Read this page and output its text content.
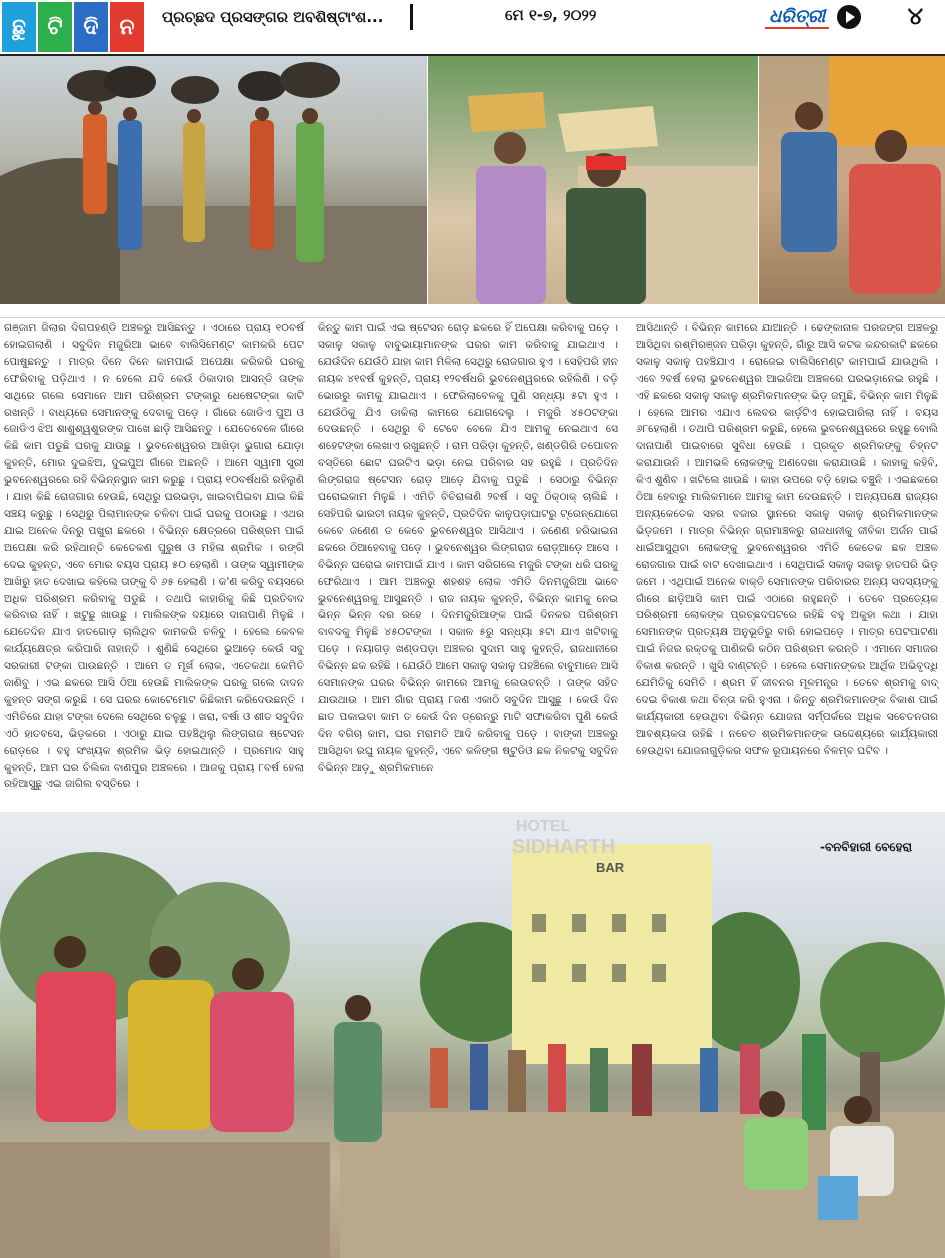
ଛୁ ଟି ଦି ନ	ପ୍ରଚ୍ଛଦ ପ୍ରସଙ୍ଗର ଅବଶିଷ୍ଟାଂଶ...	ମେ ୧-୭, ୨୦୨୨	ଧରିତ୍ରୀ	୪
ଗଞ୍ଜାମ ଜିଲାର ଦିଗପହଣ୍ଡି ଅଞ୍ଚଳରୁ ଆସିଛନ୍ତୁ । ଏଠାରେ ପ୍ରାୟ ୧୦ବର୍ଷ ହୋଇଗଲାଣି । ସବୁଦିନ ମଜୁରିଆ ଭାବେ ବାଲିସିମେଣ୍ଟ କାମକରି ପେଟ ପୋଷୁଛନ୍ତୁ । ମାତ୍ର ଦିନେ ଦିନେ କାମପାଇଁ ଅପେକ୍ଷା କରିକରି ଘରକୁ ଫେରିବାକୁ ପଡ଼ିଥାଏ । ନ ହେଲେ ଯଦି କେଉଁ ଠିକାଦାର ଆସନ୍ତି ତାଙ୍କ ସାଥିରେ ଗଲେ ସେମାନେ ଆମ ପରିଶ୍ରମ ଟଙ୍କାରୁ ଧେଷେଟଙ୍କା କାଟି ରଖନ୍ତି । ବାଧ୍ୟରେ ସେମାନଙ୍କୁ ଦେବାକୁ ପଡ଼େ । ଗାଁରେ ଜୋଡିଏ ପୁଅ ଓ ଜୋଡିଏ ଝିଅ ଶାଶୁଶ୍ୱଶୁରଙ୍କ ପାଖେ ଛାଡ଼ି ଆସିଛନ୍ତୁ । ଯେତେବେଳେ ଗାଁରେ କିଛି କାମ ପଡୁଛି ଘରକୁ ଯାଉଛୁ । ଭୁବନେଶ୍ୱରର ଆଖିଡ଼ା ଭୁଗାରା ଯୋଡ଼ା କୁହନ୍ତି, ମୋର ଦୁଇଝିଅ, ଦୁଇପୁଅ ଗାଁରେ ଅଛନ୍ତି । ଆମେ ସ୍ୱାମୀ ସ୍ତ୍ରୀ ଭୁବନେଶ୍ୱରରେ ରହି ବିଭିନ୍ନସ୍ଥାନ କାମ କରୁଛୁ । ପ୍ରାୟ ୧୦ବର୍ଷଧରି ରହିଲୁଣି । ଯାହା କିଛି ରୋଜଗାର ହେଉଛି, ସେଥିରୁ ଘରଭଡ଼ା, ଖାଇବାପିଇବା ଯାଇ କିଛି ସଞ୍ଚୟ କରୁଛୁ । ସେଥିରୁ ପିଲାମାନଙ୍କ ଚଳିବା ପାଇଁ ଘରକୁ ପଠାଉଛୁ । ଏଥର ଯାଇ ଅନେକ ଦିନରୁ ପଖୁରା ଛକରେ । ବିଭିନ୍ନ କ୍ଷେତ୍ରରେ ପରିଶ୍ରମ ପାଇଁ ଅପେକ୍ଷା କରି ରହିଥାନ୍ତି କେତେକଣ ପୁରୁଷ ଓ ମହିଳା ଶ୍ରମିକ । ରଙ୍ଗି ଦେଇ କୁହନ୍ତ, ଏବେ ମୋର ବୟସ ପ୍ରାୟ ୫୦ ହେଲାଣି । ତାଙ୍କ ସ୍ୱାମୀଙ୍କ ଆଖିରୁ ହାତ ଦେଖାଇ କହିଲେ ତାଙ୍କୁ ବି ୬୫ ହେଲାଣି । କ'ଣ କରିବୁ ବୟସରେ ଅଧିକ ପରିଶ୍ରମ କରିବାକୁ ପଡୁଛି । ତଥାପି କାହାରିକୁ କିଛି ପ୍ରତିବାଦ କରିବାର ନାହିଁ । ଖଟୁଛୁ ଖାଉଛୁ । ମାଲିକଙ୍କ ଦୟାରେ ଦାନାପାଣି ମିଳୁଛି । ଯେତେଦିନ ଯାଏ ହାତଗୋଡ଼ ଚାଲିଥିବ କାମକରି ଚଳିବୁ । ହେଲେ କେବଳ କାର୍ଯ୍ୟକ୍ଷେତ୍ର କରିପାରି ନାହାନ୍ତି । ଶୁଣିଛି ସେଥିରେ ଭୁଆଡ଼େ କେଉଁ ସବୁ ସରକାରୀ ଟଙ୍କା ପାଉଛନ୍ତି । ଆମେ ତ ମୂର୍ଖ ଲୋକ, ଏତେକଥା କେମିତି ଜାଣିବୁ । ଏଇ ଛକରେ ଆସି ଠିଆ ହେଉଛି ମାଲିକଙ୍କ ଘରକୁ ଗଲେ ଦାଦନ କୁହନ୍ତ ସଙ୍ଗ କରୁଛି । ସେ ଘରର କୋଟେମୋଟ କିଛିକାମ କରିଦେଉଛନ୍ତି । ଏମିତିରେ ଯାହା ଟଙ୍କା ଦେଲେ ସେଥିରେ ଚଳୁଛୁ । ଖରା, ବର୍ଷା ଓ ଶୀତ ସବୁଦିନ ଏଠି ହାତବସେ, ଭିଡ଼କରେ । ଏଠାରୁ ଯାଇ ପହଞ୍ଚିଥିଲୁ ଲିଙ୍ଗରାଜ ଷ୍ଟେସନ ରୋଡ଼ରେ । ବହୁ ସଂଖ୍ୟକ ଶ୍ରମିକ ଭିଡ଼ ହୋଇଥାନ୍ତି । ପ୍ରମୋଦ ସାହୁ କୁହନ୍ତି, ଆମ ଘର ଚିଲିକା ବାଣପୁର ଅଞ୍ଚଳରେ । ଆଜକୁ ପ୍ରାୟ ୮ବର୍ଷ ହେଲା ରହିଆସୁଛୁ ଏଇ ଜାଗିଲ ବସ୍ତିରେ ।
କିନ୍ତୁ କାମ ପାଇଁ ଏଇ ଷ୍ଟେସନ ରୋଡ଼ ଛକରେ ହିଁ ଅପେକ୍ଷା କରିବାକୁ ପଡ଼େ । ସକାଳୁ ସକାଳୁ ବାବୁଭାୟାମାନଙ୍କ ଘରର କାମ କରିବାକୁ ଯାଇଥାଏ । ଯେଉଁଦିନ ଯେଉଁଠି ଯାହା କାମ ମିଳିଲା ସେଥିରୁ ରୋଜଗାର ହୁଏ । ସେହିପରି ହୀନ ନାୟକ ୪୧ବର୍ଷ କୁହନ୍ତି, ପ୍ରାୟ ୧୨ବର୍ଷଧରି ଭୁବନେଶ୍ୱରରେ ରହିଲିଣି । ବଡ଼ି ଭୋରରୁ କାମକୁ ଯାଇଥାଏ । ଫେରିଲାବେଳକୁ ପୁଣି ସନ୍ଧ୍ୟା ୫ଟା ହୁଏ । ଯେଉଁଠିକୁ ଯିଏ ଡାକିଲା କାମରେ ଯୋଗଦେଲୁ । ମଜୁରି ୪୫୦ଟଙ୍କା ଦେଉଛନ୍ତି । ସେଥିରୁ ବି ଟେବେ ବେଳେ ଯିଏ ଆମକୁ ନେଇଥାଏ ସେ ଶହେଟଙ୍କା ଲେଖାଏ ରଖୁଛନ୍ତି । ରାମ ପରିଡ଼ା କୁହନ୍ତି, ଖଣ୍ଡଗିରି ତପୋବନ ବସ୍ତିରେ ଛୋଟ ଘରଟିଏ ଭଡ଼ା ନେଇ ପରିବାର ସହ ରହୁଛି । ପ୍ରତିଦିନ ଲିଙ୍ଗରାଜ ଷ୍ଟେସନ ରୋଡ଼ ଆଡ଼େ ଯିବାକୁ ପଡୁଛି । ସେଠାରୁ ବିଭିନ୍ନ ଘରୋଇକାମ ମିଳୁଛି । ଏମିତି ବିଚିରାଳାଣି ୨ବର୍ଷ । ସବୁ ଠିକ୍‌ଠାକ୍ ଚାଲିଛି । ସେହିପରି ଭାରତୀ ନାୟକ କୁହନ୍ତି, ପ୍ରତିଦିନ କାଳୁପଡ଼ାଘାଟରୁ ଟ୍ରେନ୍‌ଯୋଗେ କେବେ ଜଣେଣ ତ କେବେ ଭୁବନେଶ୍ୱର ଆସିଥାଏ । ଜଣେଣ ହରିଭାଇନା ଛକରେ ଠିଆହେବାକୁ ପଡ଼େ । ଭୁବନେଶ୍ୱର ଲିଙ୍ଗରାଜ ରୋଡ଼୍‌ଆଡ଼େ ଆସେ । ବିଭିନ୍ନ ଘରୋଇ କାମପାଇଁ ଯାଏ । କାମ ସରିଗଲେ ମଜୁରି ଟଙ୍କା ଧରି ଘରକୁ ଫେରିଥାଏ । ଆମ ଅଞ୍ଚଳରୁ ଶହଶହ ଲୋକ ଏମିତି ଦିନମଜୁରିଆ ଭାବେ ଭୁବନେଶ୍ୱରକୁ ଆସୁଛନ୍ତି । ରାଜ ନାୟକ କୁହନ୍ତି, ବିଭିନ୍ନ କାମକୁ ନେଇ ଭିନ୍ନ ଭିନ୍ନ ଦର ରହେ । ଦିନମଜୁରିଆଙ୍କ ପାଇଁ ଦିନକର ପରିଶ୍ରମ ବାବଦକୁ ମିଳୁଛି ୪୫୦ଟଙ୍କା । ସକାଳ ୫ରୁ ସନ୍ଧ୍ୟା ୫ଟା ଯାଏ ଖଟିବାକୁ ପଡ଼େ । ନୟାଗଡ଼ ଖଣ୍ଡପଡ଼ା ଅଞ୍ଚଳର ସୁଦାମ ସାହୁ କୁହନ୍ତି, ରାଜଧାନୀରେ ବିଭିନ୍ନ ଛକ ରହିଛି । ଯେଉଁଠି ଆମେ ସକାଳୁ ସକାଳୁ ପହଞ୍ଚିଲେ ବାବୁମାନେ ଆସି ସେମାନଙ୍କ ଘରର ବିଭିନ୍ନ କାମରେ ଆମକୁ ଲେଉଚନ୍ତି । ତାଙ୍କ ସହିତ ଯାଉଥାଉ । ଆମ ଗାଁର ପ୍ରାୟ ୮ଜଣ ଏକାଠି ସବୁଦିନ ଆସୁଛୁ । କେଉଁ ଦିନ ଛାତ ପକାଇବା କାମ ତ କେଉଁ ଦିନ ଡ୍ରେନ୍‌ରୁ ମାଟି ସଫାକରିବା ପୁଣି କେଉଁ ଦିନ ବଗିଚା କାମ, ଘର ମରାମତି ଆଦି କରିବାକୁ ପଡ଼େ । ବାଙ୍କୀ ଅଞ୍ଚଳରୁ ଆସିଥିବା ରଘୁ ନାୟକ କୁହନ୍ତି, ଏବେ କଳିଙ୍ଗ ଷ୍ଟୁଡିଓ ଛକ ନିକଟକୁ ସବୁଦିନ ବିଭିନ୍ନ ଆଡ଼ୁ ଶ୍ରମିକମାନେ
ଆସିଥାନ୍ତି । ବିଭିନ୍ନ କାମରେ ଯାଆନ୍ତି । ଢେଙ୍କାନାଳ ପରଜଙ୍ଗ ଅଞ୍ଚଳରୁ ଆସିଥିବା ରଶ୍ମିରଞ୍ଜନ ପରିଡ଼ା କୁହନ୍ତି, ଗାଁରୁ ଆସି କଟକ କନ୍ଦରକାଟି ଛକରେ ସକାଳୁ ସକାଳୁ ପହଞ୍ଚିଯାଏ । ରୋଜେଇ ବାଲିସିମେଣ୍ଟ କାମପାଇଁ ଯାଉଥିଲି । ଏବେ ୨ବର୍ଷ ହେଲା ଭୁବନେଶ୍ୱର ଆଇଜିଆ ଅଞ୍ଚଳରେ ଘରଭଡ଼ାନେଇ ରହୁଛି । ଏହି ଛକରେ ସକାଳୁ ସକାଳୁ ଶ୍ରମିକମାନଙ୍କ ଭିଡ଼ ଜମୁଛି, ବିଭିନ୍ନ କାମ ମିଳୁଛି । ହେଲେ ଆମର ଏଯାଏ ଲେବର କାର୍ଡ଼ଟିଏ ହୋଇପାରିଲା ନାହିଁ । ବୟସ ୬୮ହେଲାଣି । ତଥାପି ପରିଶ୍ରମ କରୁଛି, ହେଲେ ଭୁବନେଶ୍ୱରରେ ରହୁଛୁ ବୋଲି ଦାନାପାଣି ପାଇବାରେ ସୁବିଧା ହେଉଛି । ପ୍ରକୃତ ଶ୍ରମିକଙ୍କୁ ଚିହ୍ନଟ କରାଯାଉନି । ଆମଭଳି ଲୋକଙ୍କୁ ଅଣଦେଖା କରାଯାଉଛି । କାହାକୁ କହିବି, କିଏ ଶୁଣିବ । ଖଟିଲେ ଖାଉଛି । କାହା ଉପରେ ବଡ଼ି ହୋଇ ବଞ୍ଚୁନି । ଏଇଛକରେ ଠିଆ ହେବାରୁ ମାଲିକମାନେ ଆମକୁ କାମ ଦେଉଛନ୍ତି । ଅନ୍ୟପକ୍ଷେ ରାଜ୍ୟର ଅନ୍ୟକେତେକ ସହର ବଜାର ସ୍ଥାନରେ ସକାଳୁ ସକାଳୁ ଶ୍ରମିକମାନଙ୍କ ଭିଡ଼ଜମେ । ମାତ୍ର ବିଭିନ୍ନ ଗ୍ରାମାଞ୍ଚଳରୁ ରାଜଧାନୀକୁ ଜୀବିକା ଅର୍ଜନ ପାଇଁ ଧାଇଁଆସୁଥିବା ଲୋକଙ୍କୁ ଭୁବନେଶ୍ୱରର ଏମିତି କେତେକ ଛକ ଅଞ୍ଚଳ ରୋଜଗାର ପାଇଁ ବାଟ ଦେଖାଇଥାଏ । ସେଥିପାଇଁ ସକାଳୁ ସକାଳୁ ହାତପରି ଭିଡ଼ ଜମେ । ଏଥିପାଇଁ ଅନେକ ବାକ୍ତି ସେମାନଙ୍କ ପରିବାରର ଅନ୍ୟ ସଦସ୍ୟଙ୍କୁ ଗାଁରେ ଛାଡ଼ିଆସି କାମ ପାଇଁ ଏଠାରେ ରହୁଛନ୍ତି । ତେବେ ପ୍ରତ୍ୟେକ ପରିଶ୍ରମୀ ଲୋକଙ୍କ ପ୍ରଚ୍ଛଦପଟରେ ରହିଛି ବହୁ ଅକୁହା କଥା । ଯାହା ସେମାନଙ୍କ ପ୍ରତ୍ୟକ୍ଷ ଅନୁଭୂତିରୁ ବାରି ହୋଇପଡ଼େ । ମାତ୍ର ପେଟପାଟଣା ପାଇଁ ନିଜର ରକ୍ତକୁ ପାଣିକରି କଠିନ ପରିଶ୍ରମ କରନ୍ତି । ଏମାନେ ସମାଜର ବିକାଶ କରନ୍ତି । ଖୁସି ବାଣ୍ଟନ୍ତି । ହେଲେ ସେମାନଙ୍କର ଆର୍ଥିକ ଅଭିବୃଦ୍ଧି ଯେମିତିକୁ ସେମିତି । ଶ୍ରମ ହିଁ ଜୀବନର ମୂଳମନ୍ତ୍ର । ତେବେ ଶ୍ରମକୁ ବାଦ୍ ଦେଇ ବିକାଶ କଥା ଚିନ୍ତା କରି ହୁଏନା । କିନ୍ତୁ ଶ୍ରମିକମାନଙ୍କ ବିକାଶ ପାଇଁ କାର୍ଯ୍ୟକାରୀ ହେଉଥିବା ବିଭିନ୍ନ ଯୋଜନା ସର୍ମ୍ପର୍କରେ ଅଧିକ ସଚେତନତାର ଆବଶ୍ୟକତା ରହିଛି । ନଚେତ ଶ୍ରମିକମାନଙ୍କ ଉଦ୍ଦେଶ୍ୟରେ କାର୍ଯ୍ୟକାରୀ ହେଉଥିବା ଯୋଜନାଗୁଡ଼ିକର ସଫଳ ରୂପାୟନରେ ବିଳମ୍ବ ଘଟିବ ।
HOTEL
SIDHARTH
BAR
-ବନବିହାରୀ ବେହେରା
